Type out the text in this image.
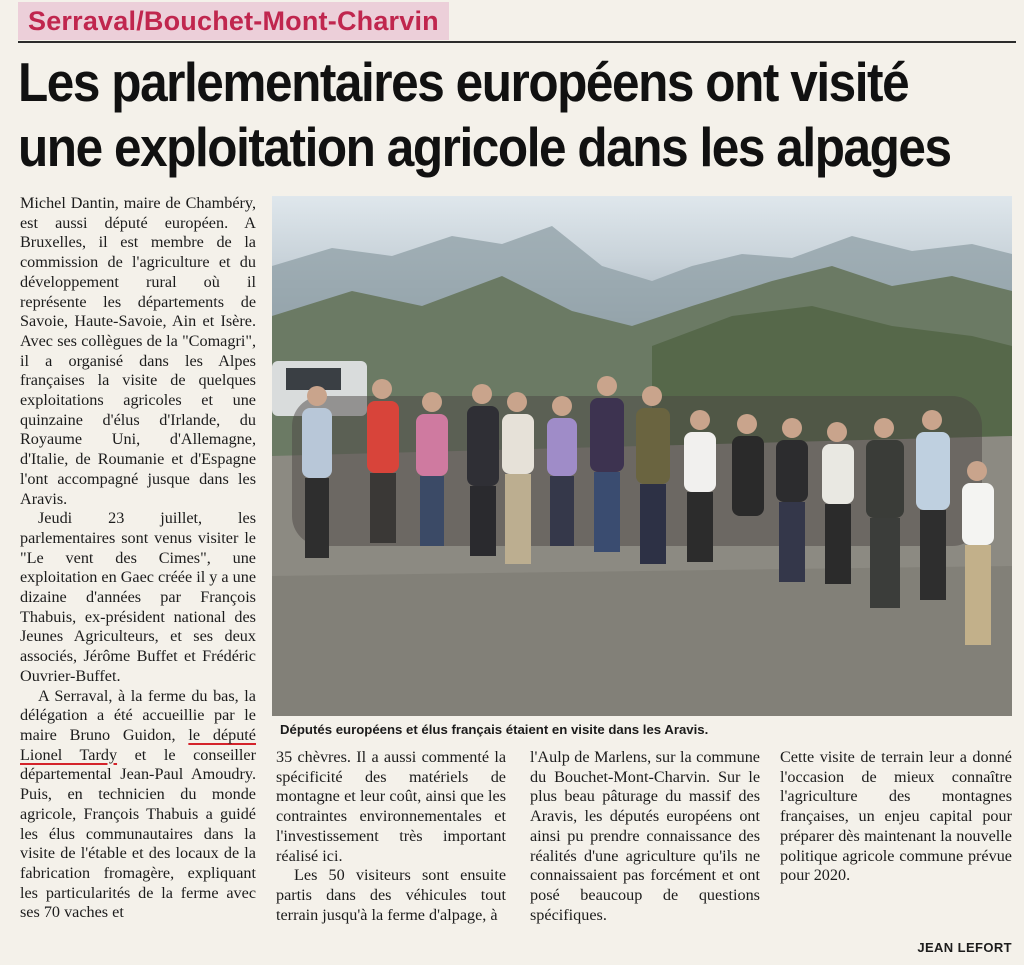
Serraval/Bouchet-Mont-Charvin
Les parlementaires européens ont visité
une exploitation agricole dans les alpages

Michel Dantin, maire de Chambéry, est aussi député européen. A Bruxelles, il est membre de la commission de l'agriculture et du développement rural où il représente les départements de Savoie, Haute-Savoie, Ain et Isère. Avec ses collègues de la "Comagri", il a organisé dans les Alpes françaises la visite de quelques exploitations agricoles et une quinzaine d'élus d'Irlande, du Royaume Uni, d'Allemagne, d'Italie, de Roumanie et d'Espagne l'ont accompagné jusque dans les Aravis.

Jeudi 23 juillet, les parlementaires sont venus visiter le "Le vent des Cimes", une exploitation en Gaec créée il y a une dizaine d'années par François Thabuis, ex-président national des Jeunes Agriculteurs, et ses deux associés, Jérôme Buffet et Frédéric Ouvrier-Buffet.

A Serraval, à la ferme du bas, la délégation a été accueillie par le maire Bruno Guidon, le député Lionel Tardy et le conseiller départemental Jean-Paul Amoudry. Puis, en technicien du monde agricole, François Thabuis a guidé les élus communautaires dans la visite de l'étable et des locaux de la fabrication fromagère, expliquant les particularités de la ferme avec ses 70 vaches et

Députés européens et élus français étaient en visite dans les Aravis.

35 chèvres. Il a aussi commenté la spécificité des matériels de montagne et leur coût, ainsi que les contraintes environnementales et l'investissement très important réalisé ici.

Les 50 visiteurs sont ensuite partis dans des véhicules tout terrain jusqu'à la ferme d'alpage, à

l'Aulp de Marlens, sur la commune du Bouchet-Mont-Charvin. Sur le plus beau pâturage du massif des Aravis, les députés européens ont ainsi pu prendre connaissance des réalités d'une agriculture qu'ils ne connaissaient pas forcément et ont posé beaucoup de questions spécifiques.

Cette visite de terrain leur a donné l'occasion de mieux connaître l'agriculture des montagnes françaises, un enjeu capital pour préparer dès maintenant la nouvelle politique agricole commune prévue pour 2020.

JEAN LEFORT
